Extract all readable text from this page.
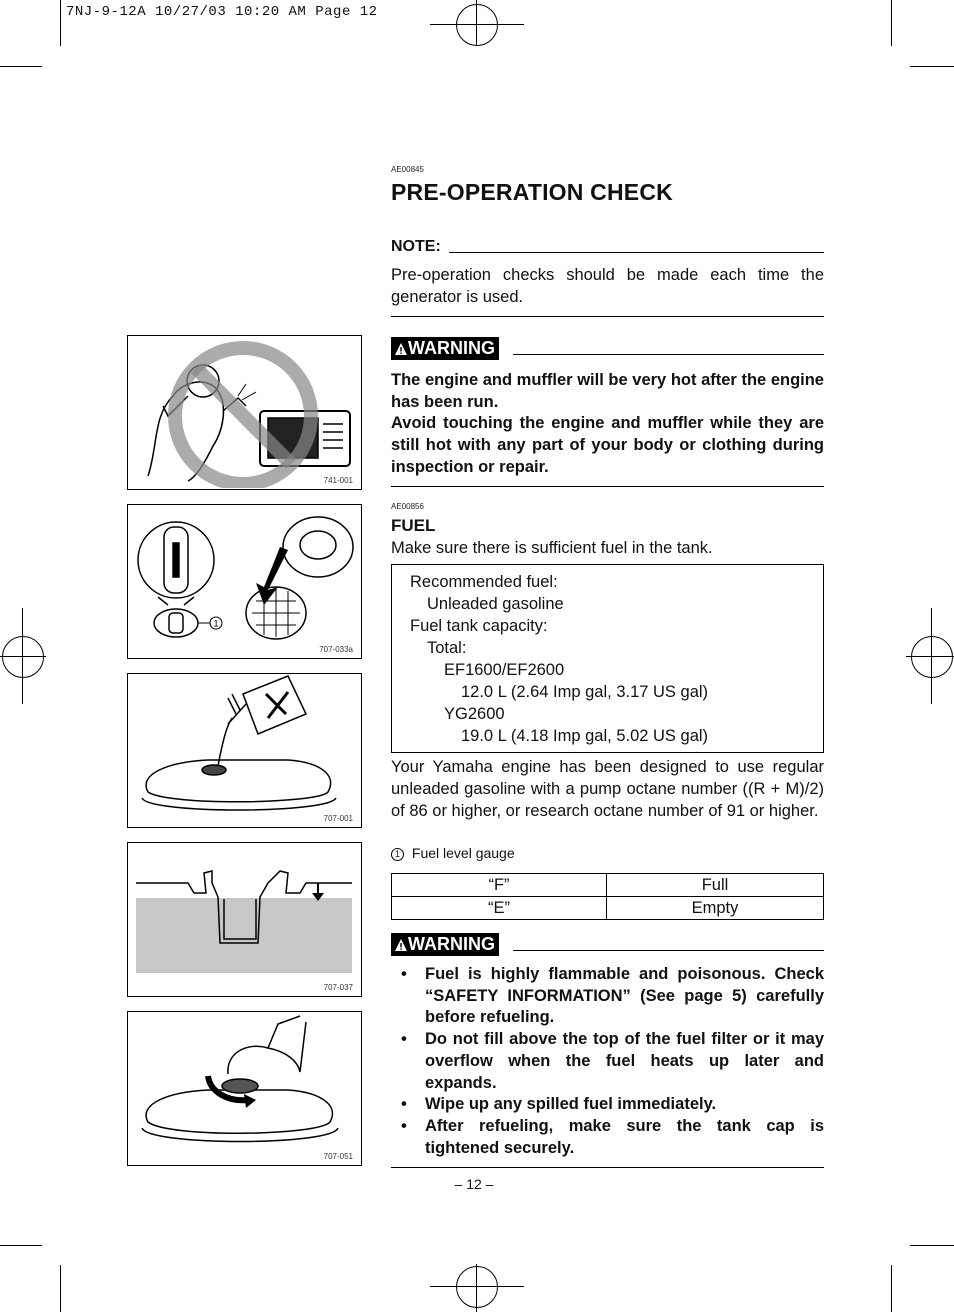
7NJ-9-12A 10/27/03 10:20 AM Page 12
741-001
1
707-033a
707-001
707-037
707-051
AE00845
PRE-OPERATION CHECK
NOTE:
Pre-operation checks should be made each time the generator is used.
WARNING
The engine and muffler will be very hot after the engine has been run.
Avoid touching the engine and muffler while they are still hot with any part of your body or clothing during inspection or repair.
AE00856
FUEL
Make sure there is sufficient fuel in the tank.
Recommended fuel:
Unleaded gasoline
Fuel tank capacity:
Total:
EF1600/EF2600
12.0 L (2.64 Imp gal, 3.17 US gal)
YG2600
19.0 L (4.18 Imp gal, 5.02 US gal)
Your Yamaha engine has been designed to use regular unleaded gasoline with a pump octane number ((R + M)/2) of 86 or higher, or research octane number of 91 or higher.
1 Fuel level gauge
“F”	Full
“E”	Empty
WARNING
• Fuel is highly flammable and poisonous. Check “SAFETY INFORMATION” (See page 5) carefully before refueling.
• Do not fill above the top of the fuel filter or it may overflow when the fuel heats up later and expands.
• Wipe up any spilled fuel immediately.
• After refueling, make sure the tank cap is tightened securely.
– 12 –
